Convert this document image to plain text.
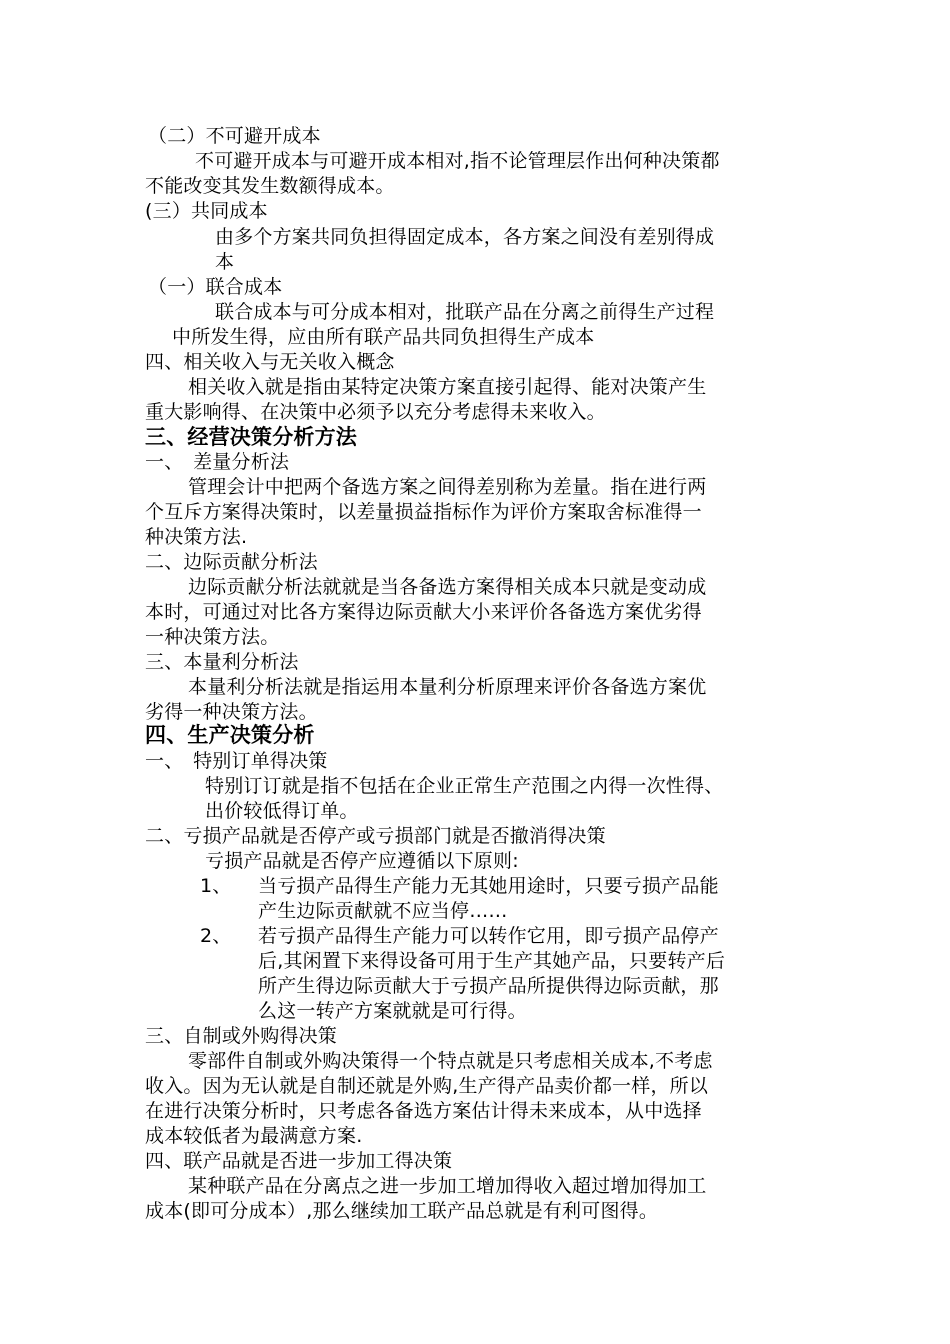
（二）不可避开成本
不可避开成本与可避开成本相对,指不论管理层作出何种决策都
不能改变其发生数额得成本。
(三）共同成本
由多个方案共同负担得固定成本，各方案之间没有差别得成
本
（一）联合成本
联合成本与可分成本相对，批联产品在分离之前得生产过程
中所发生得，应由所有联产品共同负担得生产成本
四、相关收入与无关收入概念
相关收入就是指由某特定决策方案直接引起得、能对决策产生
重大影响得、在决策中必须予以充分考虑得未来收入。
三、经营决策分析方法
一、　差量分析法
管理会计中把两个备选方案之间得差别称为差量。指在进行两
个互斥方案得决策时，以差量损益指标作为评价方案取舍标准得一
种决策方法.
二、边际贡献分析法
边际贡献分析法就就是当各备选方案得相关成本只就是变动成
本时，可通过对比各方案得边际贡献大小来评价各备选方案优劣得
一种决策方法。
三、本量利分析法
本量利分析法就是指运用本量利分析原理来评价各备选方案优
劣得一种决策方法。
四、生产决策分析
一、　特别订单得决策
特别订订就是指不包括在企业正常生产范围之内得一次性得、
出价较低得订单。
二、亏损产品就是否停产或亏损部门就是否撤消得决策
亏损产品就是否停产应遵循以下原则:
1、 当亏损产品得生产能力无其她用途时，只要亏损产品能
产生边际贡献就不应当停……
2、 若亏损产品得生产能力可以转作它用，即亏损产品停产
后,其闲置下来得设备可用于生产其她产品，只要转产后
所产生得边际贡献大于亏损产品所提供得边际贡献，那
么这一转产方案就就是可行得。
三、自制或外购得决策
零部件自制或外购决策得一个特点就是只考虑相关成本,不考虑
收入。因为无认就是自制还就是外购,生产得产品卖价都一样，所以
在进行决策分析时，只考虑各备选方案估计得未来成本，从中选择
成本较低者为最满意方案.
四、联产品就是否进一步加工得决策
某种联产品在分离点之进一步加工增加得收入超过增加得加工
成本(即可分成本）,那么继续加工联产品总就是有利可图得。
